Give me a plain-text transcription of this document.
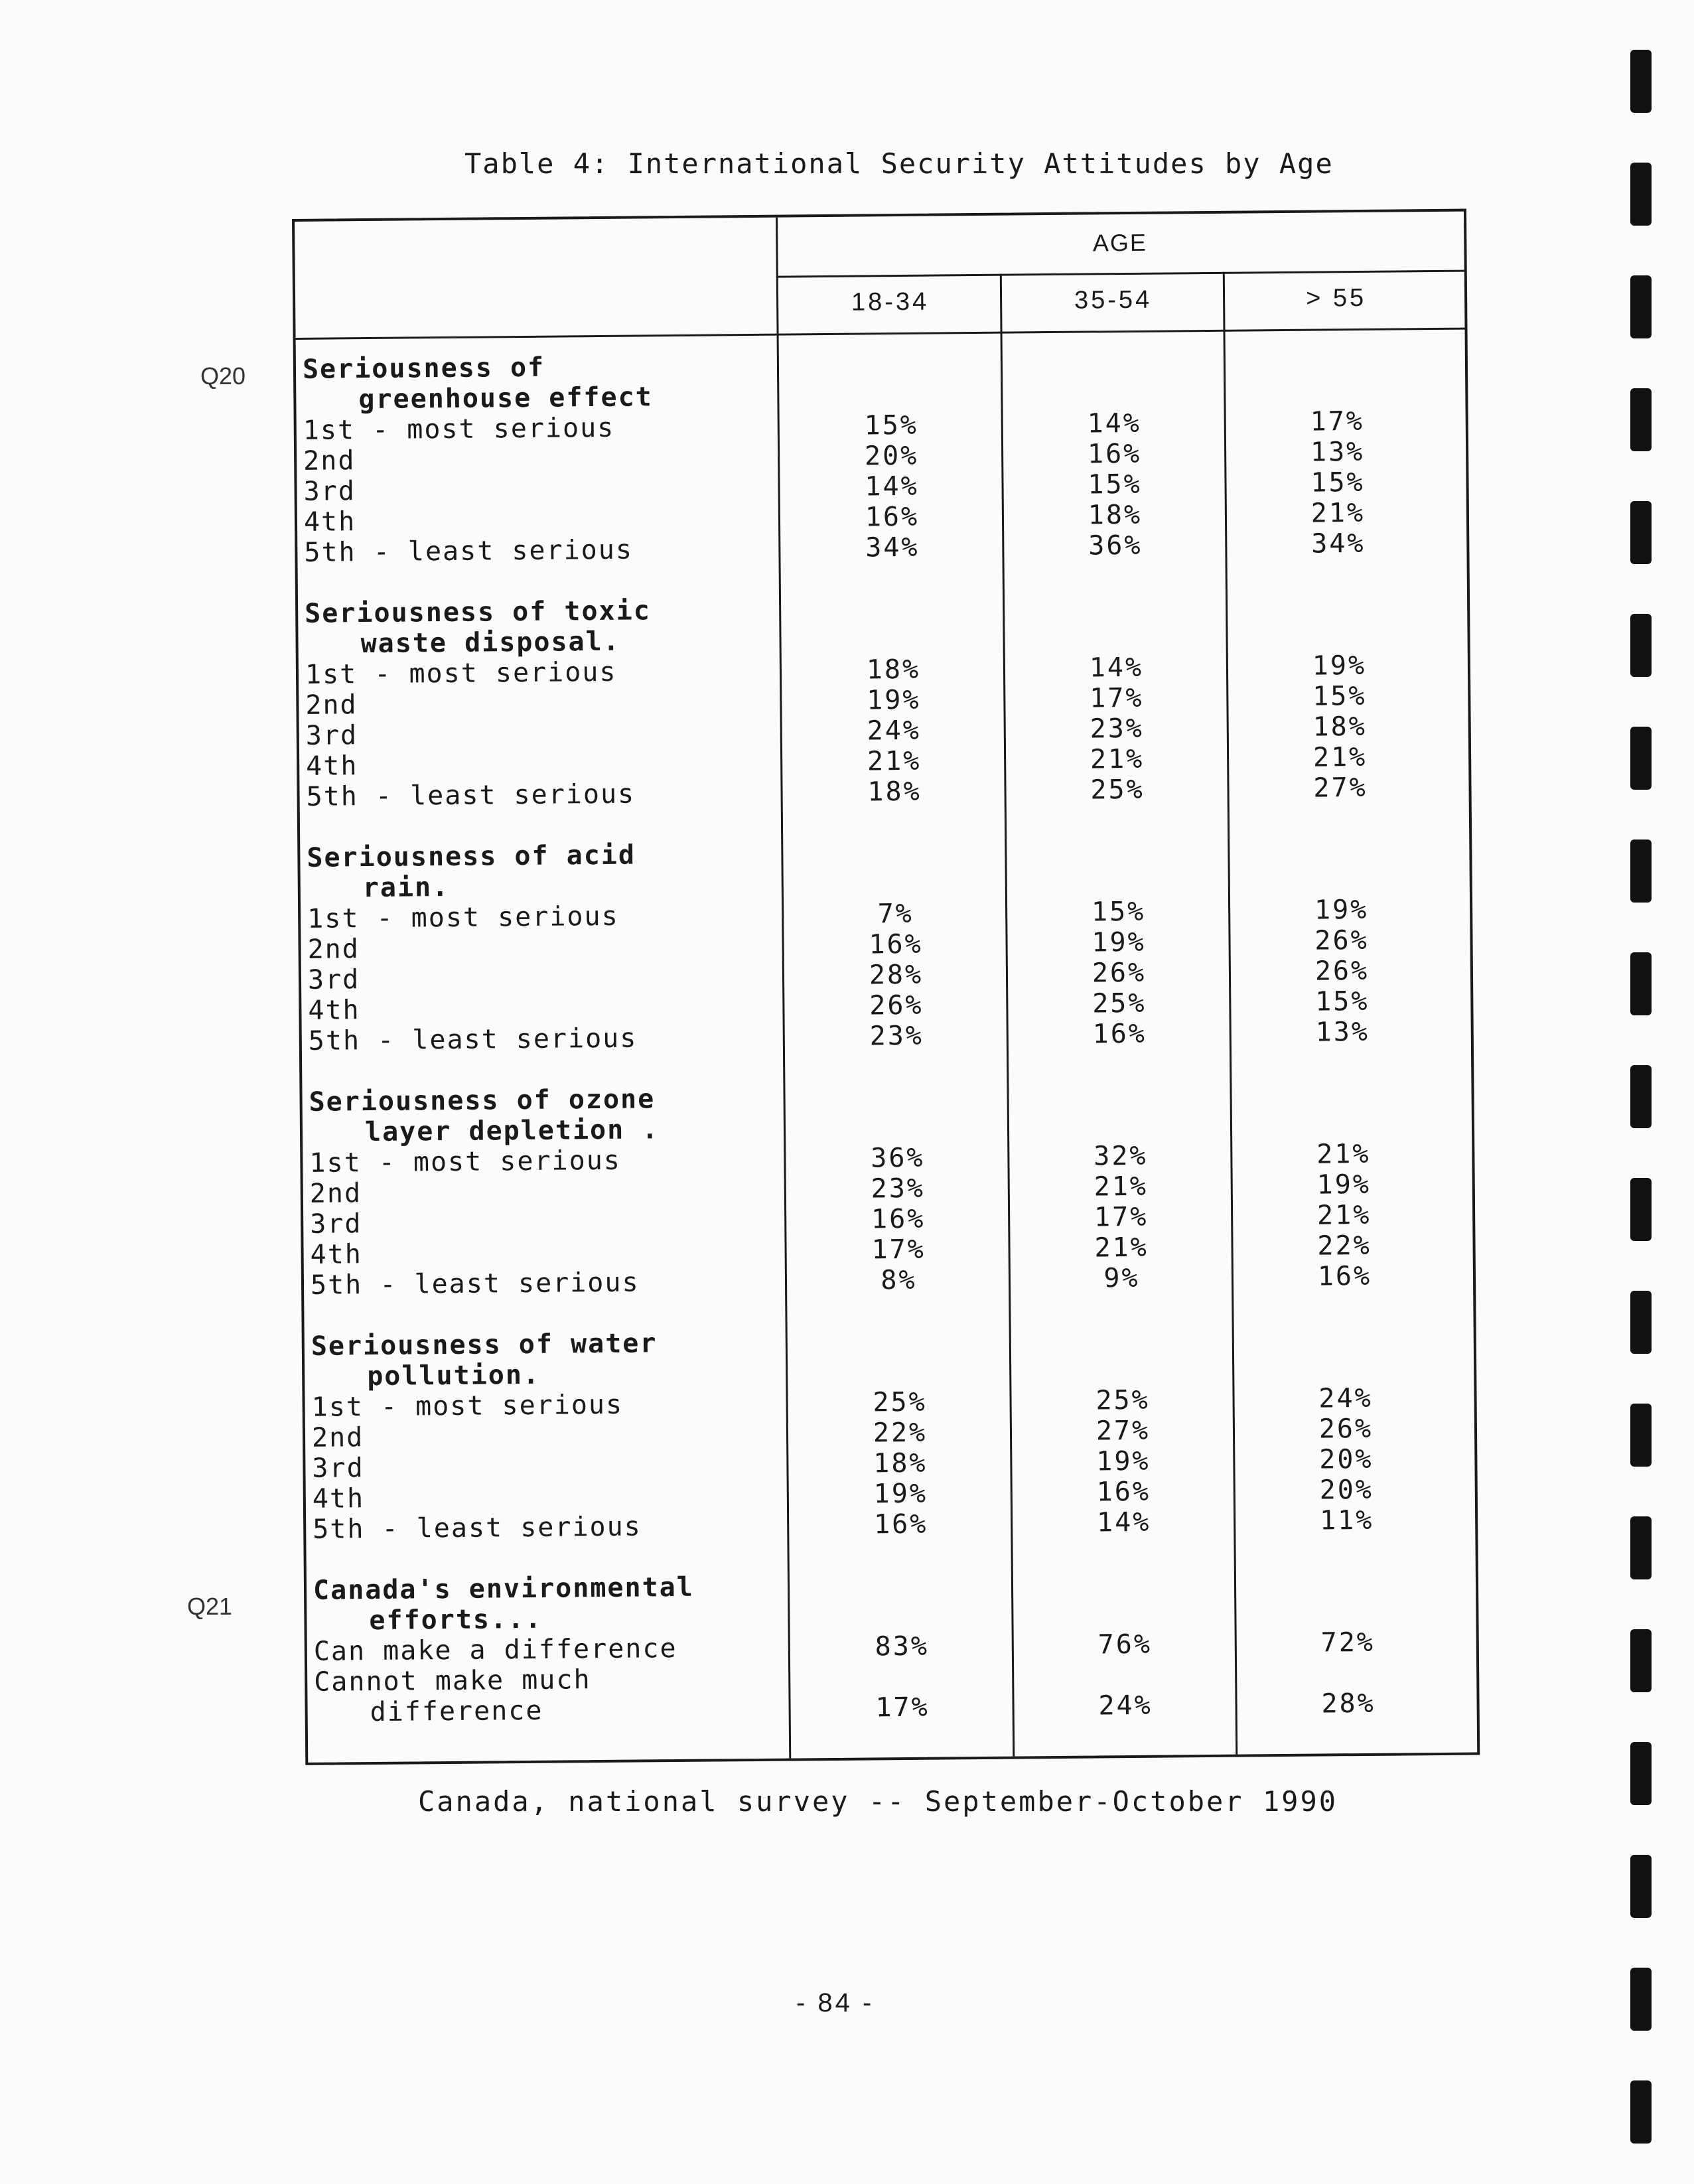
Table 4: International Security Attitudes by Age
Q20
Q21
AGE
18-34	35-54	> 55
Seriousness of
greenhouse effect
1st - most serious	15%	14%	17%
2nd	20%	16%	13%
3rd	14%	15%	15%
4th	16%	18%	21%
5th - least serious	34%	36%	34%
Seriousness of toxic
waste disposal.
1st - most serious	18%	14%	19%
2nd	19%	17%	15%
3rd	24%	23%	18%
4th	21%	21%	21%
5th - least serious	18%	25%	27%
Seriousness of acid
rain.
1st - most serious	7%	15%	19%
2nd	16%	19%	26%
3rd	28%	26%	26%
4th	26%	25%	15%
5th - least serious	23%	16%	13%
Seriousness of ozone
layer depletion .
1st - most serious	36%	32%	21%
2nd	23%	21%	19%
3rd	16%	17%	21%
4th	17%	21%	22%
5th - least serious	8%	9%	16%
Seriousness of water
pollution.
1st - most serious	25%	25%	24%
2nd	22%	27%	26%
3rd	18%	19%	20%
4th	19%	16%	20%
5th - least serious	16%	14%	11%
Canada's environmental
efforts...
Can make a difference	83%	76%	72%
Cannot make much
difference	17%	24%	28%
Canada, national survey -- September-October 1990
- 84 -
